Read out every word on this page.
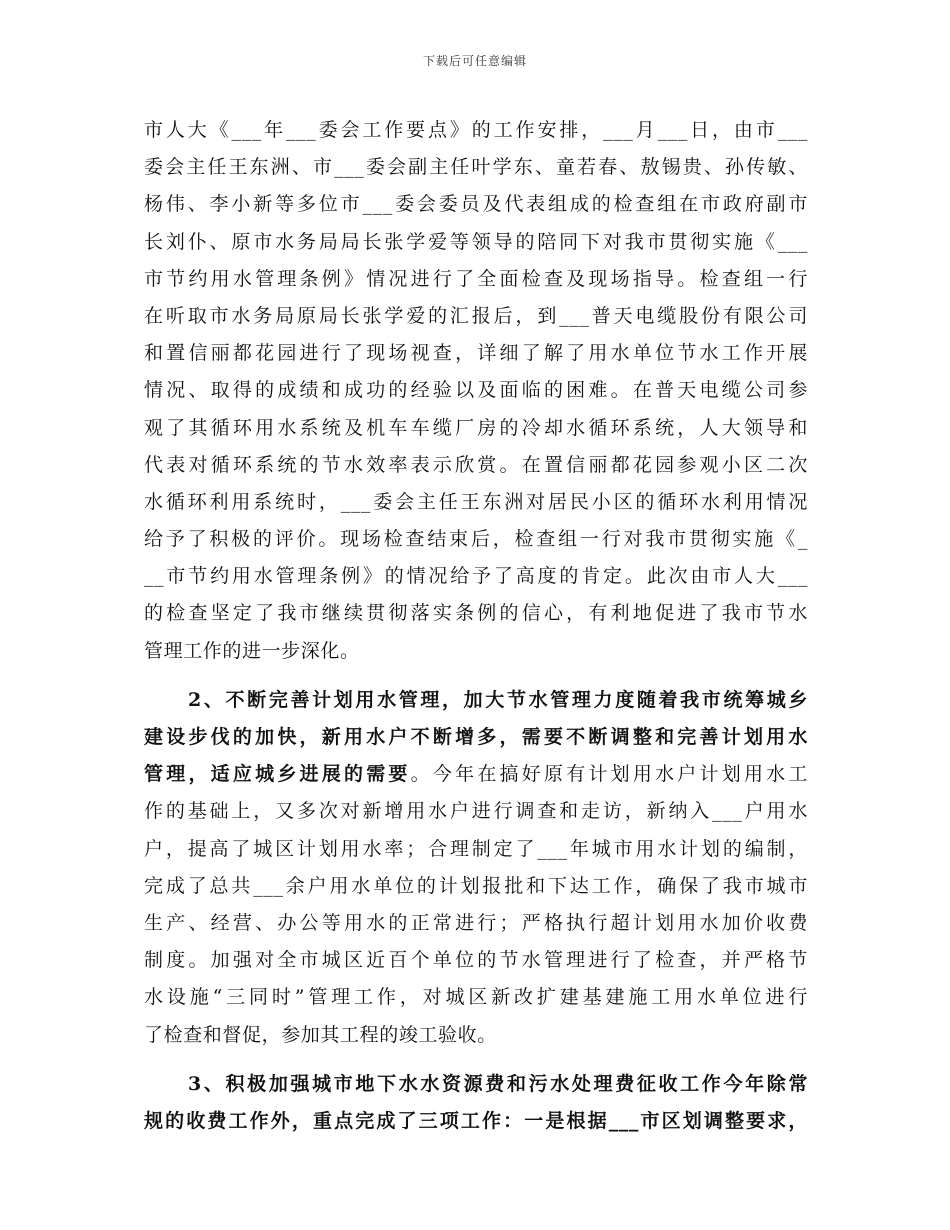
下载后可任意编辑
市人大《___年___委会工作要点》的工作安排，___月___日，由市___
委会主任王东洲、市___委会副主任叶学东、童若春、敖锡贵、孙传敏、
杨伟、李小新等多位市___委会委员及代表组成的检查组在市政府副市
长刘仆、原市水务局局长张学爱等领导的陪同下对我市贯彻实施《___
市节约用水管理条例》情况进行了全面检查及现场指导。检查组一行
在听取市水务局原局长张学爱的汇报后，到___普天电缆股份有限公司
和置信丽都花园进行了现场视查，详细了解了用水单位节水工作开展
情况、取得的成绩和成功的经验以及面临的困难。在普天电缆公司参
观了其循环用水系统及机车车缆厂房的冷却水循环系统，人大领导和
代表对循环系统的节水效率表示欣赏。在置信丽都花园参观小区二次
水循环利用系统时，___委会主任王东洲对居民小区的循环水利用情况
给予了积极的评价。现场检查结束后，检查组一行对我市贯彻实施《_
__市节约用水管理条例》的情况给予了高度的肯定。此次由市人大___
的检查坚定了我市继续贯彻落实条例的信心，有利地促进了我市节水
管理工作的进一步深化。
2、不断完善计划用水管理，加大节水管理力度随着我市统筹城乡
建设步伐的加快，新用水户不断增多，需要不断调整和完善计划用水
管理，适应城乡进展的需要。今年在搞好原有计划用水户计划用水工
作的基础上，又多次对新增用水户进行调查和走访，新纳入___户用水
户，提高了城区计划用水率；合理制定了___年城市用水计划的编制，
完成了总共___余户用水单位的计划报批和下达工作，确保了我市城市
生产、经营、办公等用水的正常进行；严格执行超计划用水加价收费
制度。加强对全市城区近百个单位的节水管理进行了检查，并严格节
水设施“三同时”管理工作，对城区新改扩建基建施工用水单位进行
了检查和督促，参加其工程的竣工验收。
3、积极加强城市地下水水资源费和污水处理费征收工作今年除常
规的收费工作外，重点完成了三项工作：一是根据___市区划调整要求，
